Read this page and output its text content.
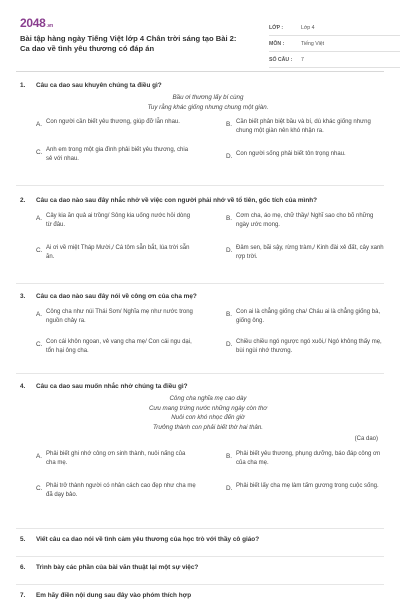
2048.vn
Bài tập hàng ngày Tiếng Việt lớp 4 Chân trời sáng tạo Bài 2: Ca dao về tình yêu thương có đáp án
LỚP :	Lớp 4
MÔN :	Tiếng Việt
SỐ CÂU :	7
1.	Câu ca dao sau khuyên chúng ta điều gì?
Bầu ơi thương lấy bí cùng
Tuy rằng khác giống nhưng chung một giàn.
A. Con người cần biết yêu thương, giúp đỡ lẫn nhau.	B. Cần biết phân biệt bầu và bí, dù khác giống nhưng chung một giàn nên khó nhận ra.
C. Anh em trong một gia đình phải biết yêu thương, chia sẻ với nhau.	D. Con người sống phải biết tôn trọng nhau.
2.	Câu ca dao nào sau đây nhắc nhở về việc con người phải nhớ về tổ tiên, gốc tích của mình?
A. Cây kia ăn quả ai trồng/ Sông kia uống nước hỏi dòng từ đâu.
B. Cơm cha, áo mẹ, chữ thầy/ Nghĩ sao cho bõ những ngày ước mong.
C. Ai ơi về miệt Tháp Mười,/ Cá tôm sẵn bắt, lúa trời sẵn ăn.
D. Đâm sen, bãi sậy, rừng tràm,/ Kinh đài xẻ đất, cây xanh rợp trời.
3.	Câu ca dao nào sau đây nói về công ơn của cha mẹ?
A. Công cha như núi Thái Sơn/ Nghĩa mẹ như nước trong nguồn chảy ra.
B. Con ai là chẳng giống cha/ Cháu ai là chẳng giống bà, giống ông.
C. Con cái khôn ngoan, vẻ vang cha mẹ/ Con cái ngu dại, tổn hại ông cha.
D. Chiều chiều ngó ngược ngó xuôi,/ Ngó không thấy mẹ, bùi ngùi nhớ thương.
4.	Câu ca dao sau muốn nhắc nhở chúng ta điều gì?
Công cha nghĩa mẹ cao dày
Cưu mang trứng nước những ngày còn thơ
Nuôi con khó nhọc đến giờ
Trưởng thành con phải biết thờ hai thân.
(Ca dao)
A. Phải biết ghi nhớ công ơn sinh thành, nuôi nấng của cha mẹ.
B. Phải biết yêu thương, phụng dưỡng, báo đáp công ơn của cha mẹ.
C. Phải trở thành người có nhân cách cao đẹp như cha mẹ đã dạy bảo.
D. Phải biết lấy cha mẹ làm tấm gương trong cuộc sống.
5.	Viết câu ca dao nói về tình cảm yêu thương của học trò với thầy cô giáo?
6.	Trình bày các phần của bài văn thuật lại một sự việc?
7.	Em hãy điền nội dung sau đây vào phóm thích hợp
